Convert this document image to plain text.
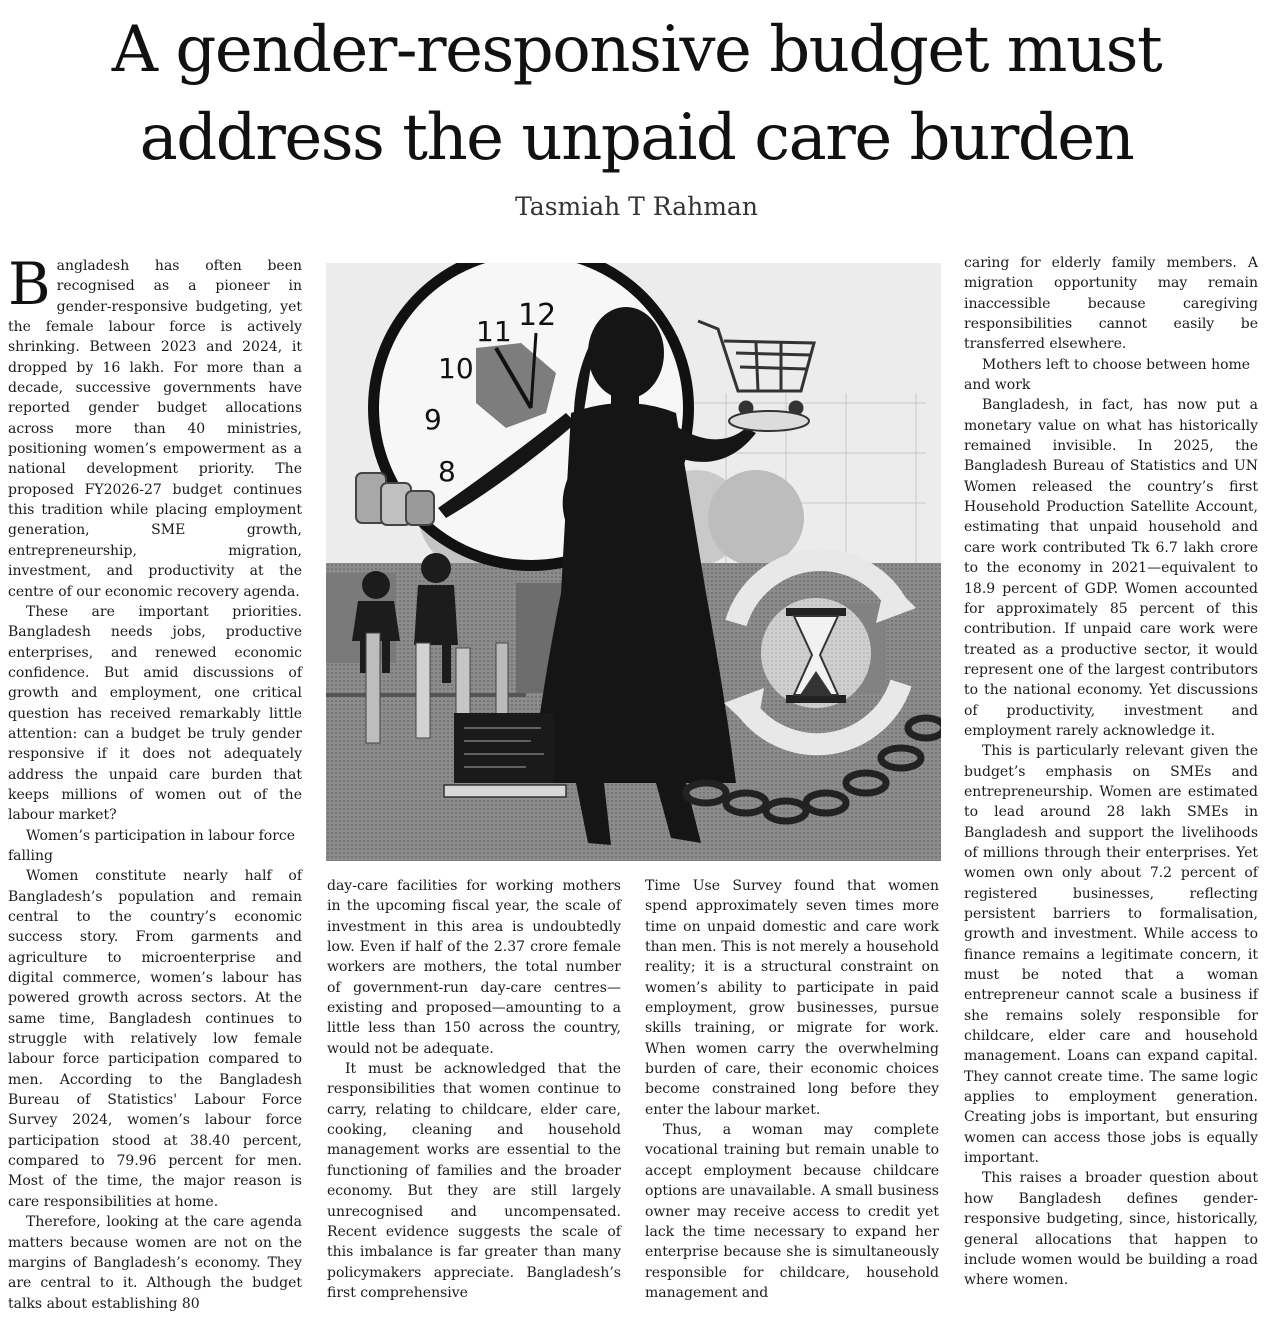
A gender-responsive budget must
address the unpaid care burden
Tasmiah T Rahman

Bangladesh has often been recognised as a pioneer in gender-responsive budgeting, yet the female labour force is actively shrinking. Between 2023 and 2024, it dropped by 16 lakh. For more than a decade, successive governments have reported gender budget allocations across more than 40 ministries, positioning women’s empowerment as a national development priority. The proposed FY2026-27 budget continues this tradition while placing employment generation, SME growth, entrepreneurship, migration, investment, and productivity at the centre of our economic recovery agenda.

These are important priorities. Bangladesh needs jobs, productive enterprises, and renewed economic confidence. But amid discussions of growth and employment, one critical question has received remarkably little attention: can a budget be truly gender responsive if it does not adequately address the unpaid care burden that keeps millions of women out of the labour market?

Women’s participation in labour force falling

Women constitute nearly half of Bangladesh’s population and remain central to the country’s economic success story. From garments and agriculture to microenterprise and digital commerce, women’s labour has powered growth across sectors. At the same time, Bangladesh continues to struggle with relatively low female labour force participation compared to men. According to the Bangladesh Bureau of Statistics' Labour Force Survey 2024, women’s labour force participation stood at 38.40 percent, compared to 79.96 percent for men. Most of the time, the major reason is care responsibilities at home.

Therefore, looking at the care agenda matters because women are not on the margins of Bangladesh’s economy. They are central to it. Although the budget talks about establishing 80

12
11
10
9
8

day-care facilities for working mothers in the upcoming fiscal year, the scale of investment in this area is undoubtedly low. Even if half of the 2.37 crore female workers are mothers, the total number of government-run day-care centres—existing and proposed—amounting to a little less than 150 across the country, would not be adequate.

It must be acknowledged that the responsibilities that women continue to carry, relating to childcare, elder care, cooking, cleaning and household management works are essential to the functioning of families and the broader economy. But they are still largely unrecognised and uncompensated. Recent evidence suggests the scale of this imbalance is far greater than many policymakers appreciate. Bangladesh’s first comprehensive

Time Use Survey found that women spend approximately seven times more time on unpaid domestic and care work than men. This is not merely a household reality; it is a structural constraint on women’s ability to participate in paid employment, grow businesses, pursue skills training, or migrate for work. When women carry the overwhelming burden of care, their economic choices become constrained long before they enter the labour market.

Thus, a woman may complete vocational training but remain unable to accept employment because childcare options are unavailable. A small business owner may receive access to credit yet lack the time necessary to expand her enterprise because she is simultaneously responsible for childcare, household management and

caring for elderly family members. A migration opportunity may remain inaccessible because caregiving responsibilities cannot easily be transferred elsewhere.

Mothers left to choose between home and work

Bangladesh, in fact, has now put a monetary value on what has historically remained invisible. In 2025, the Bangladesh Bureau of Statistics and UN Women released the country’s first Household Production Satellite Account, estimating that unpaid household and care work contributed Tk 6.7 lakh crore to the economy in 2021—equivalent to 18.9 percent of GDP. Women accounted for approximately 85 percent of this contribution. If unpaid care work were treated as a productive sector, it would represent one of the largest contributors to the national economy. Yet discussions of productivity, investment and employment rarely acknowledge it.

This is particularly relevant given the budget’s emphasis on SMEs and entrepreneurship. Women are estimated to lead around 28 lakh SMEs in Bangladesh and support the livelihoods of millions through their enterprises. Yet women own only about 7.2 percent of registered businesses, reflecting persistent barriers to formalisation, growth and investment. While access to finance remains a legitimate concern, it must be noted that a woman entrepreneur cannot scale a business if she remains solely responsible for childcare, elder care and household management. Loans can expand capital. They cannot create time. The same logic applies to employment generation. Creating jobs is important, but ensuring women can access those jobs is equally important.

This raises a broader question about how Bangladesh defines gender-responsive budgeting, since, historically, general allocations that happen to include women would be building a road where women.
